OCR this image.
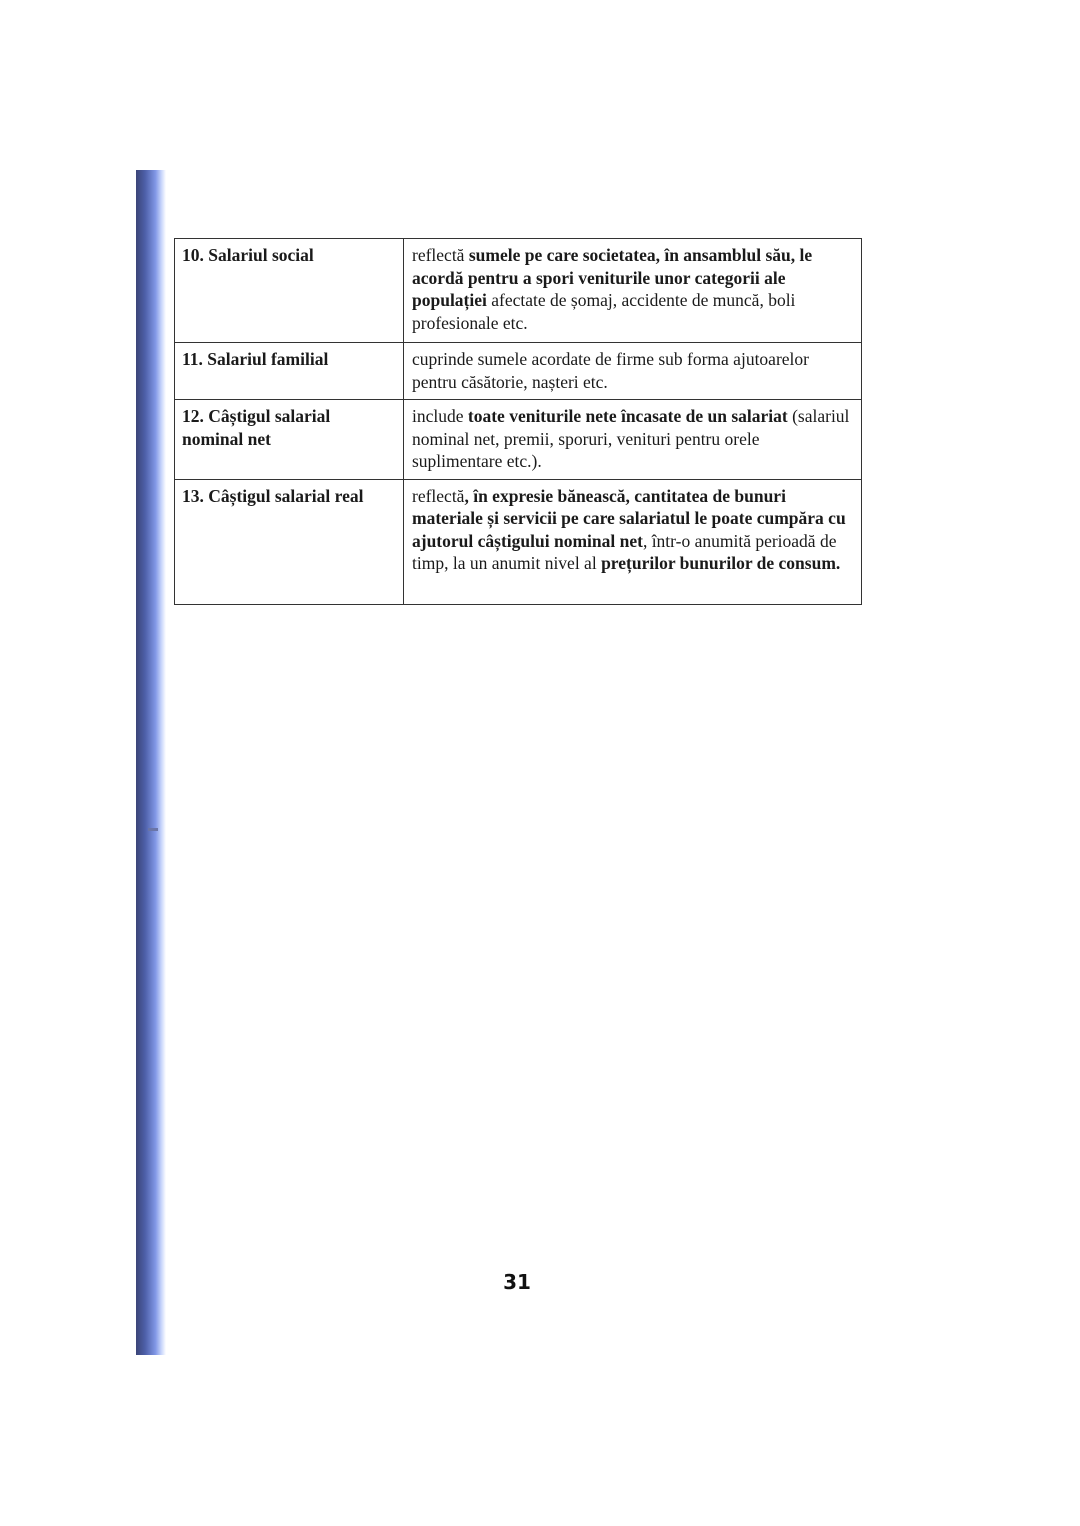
10. Salariul social	reflectă sumele pe care societatea, în ansamblul său, le acordă pentru a spori veniturile unor categorii ale populației afectate de șomaj, accidente de muncă, boli profesionale etc.
11. Salariul familial	cuprinde sumele acordate de firme sub forma ajutoarelor pentru căsătorie, nașteri etc.
12. Câștigul salarial nominal net	include toate veniturile nete încasate de un salariat (salariul nominal net, premii, sporuri, venituri pentru orele suplimentare etc.).
13. Câștigul salarial real	reflectă, în expresie bănească, cantitatea de bunuri materiale și servicii pe care salariatul le poate cumpăra cu ajutorul câștigului nominal net, într-o anumită perioadă de timp, la un anumit nivel al prețurilor bunurilor de consum.
31
